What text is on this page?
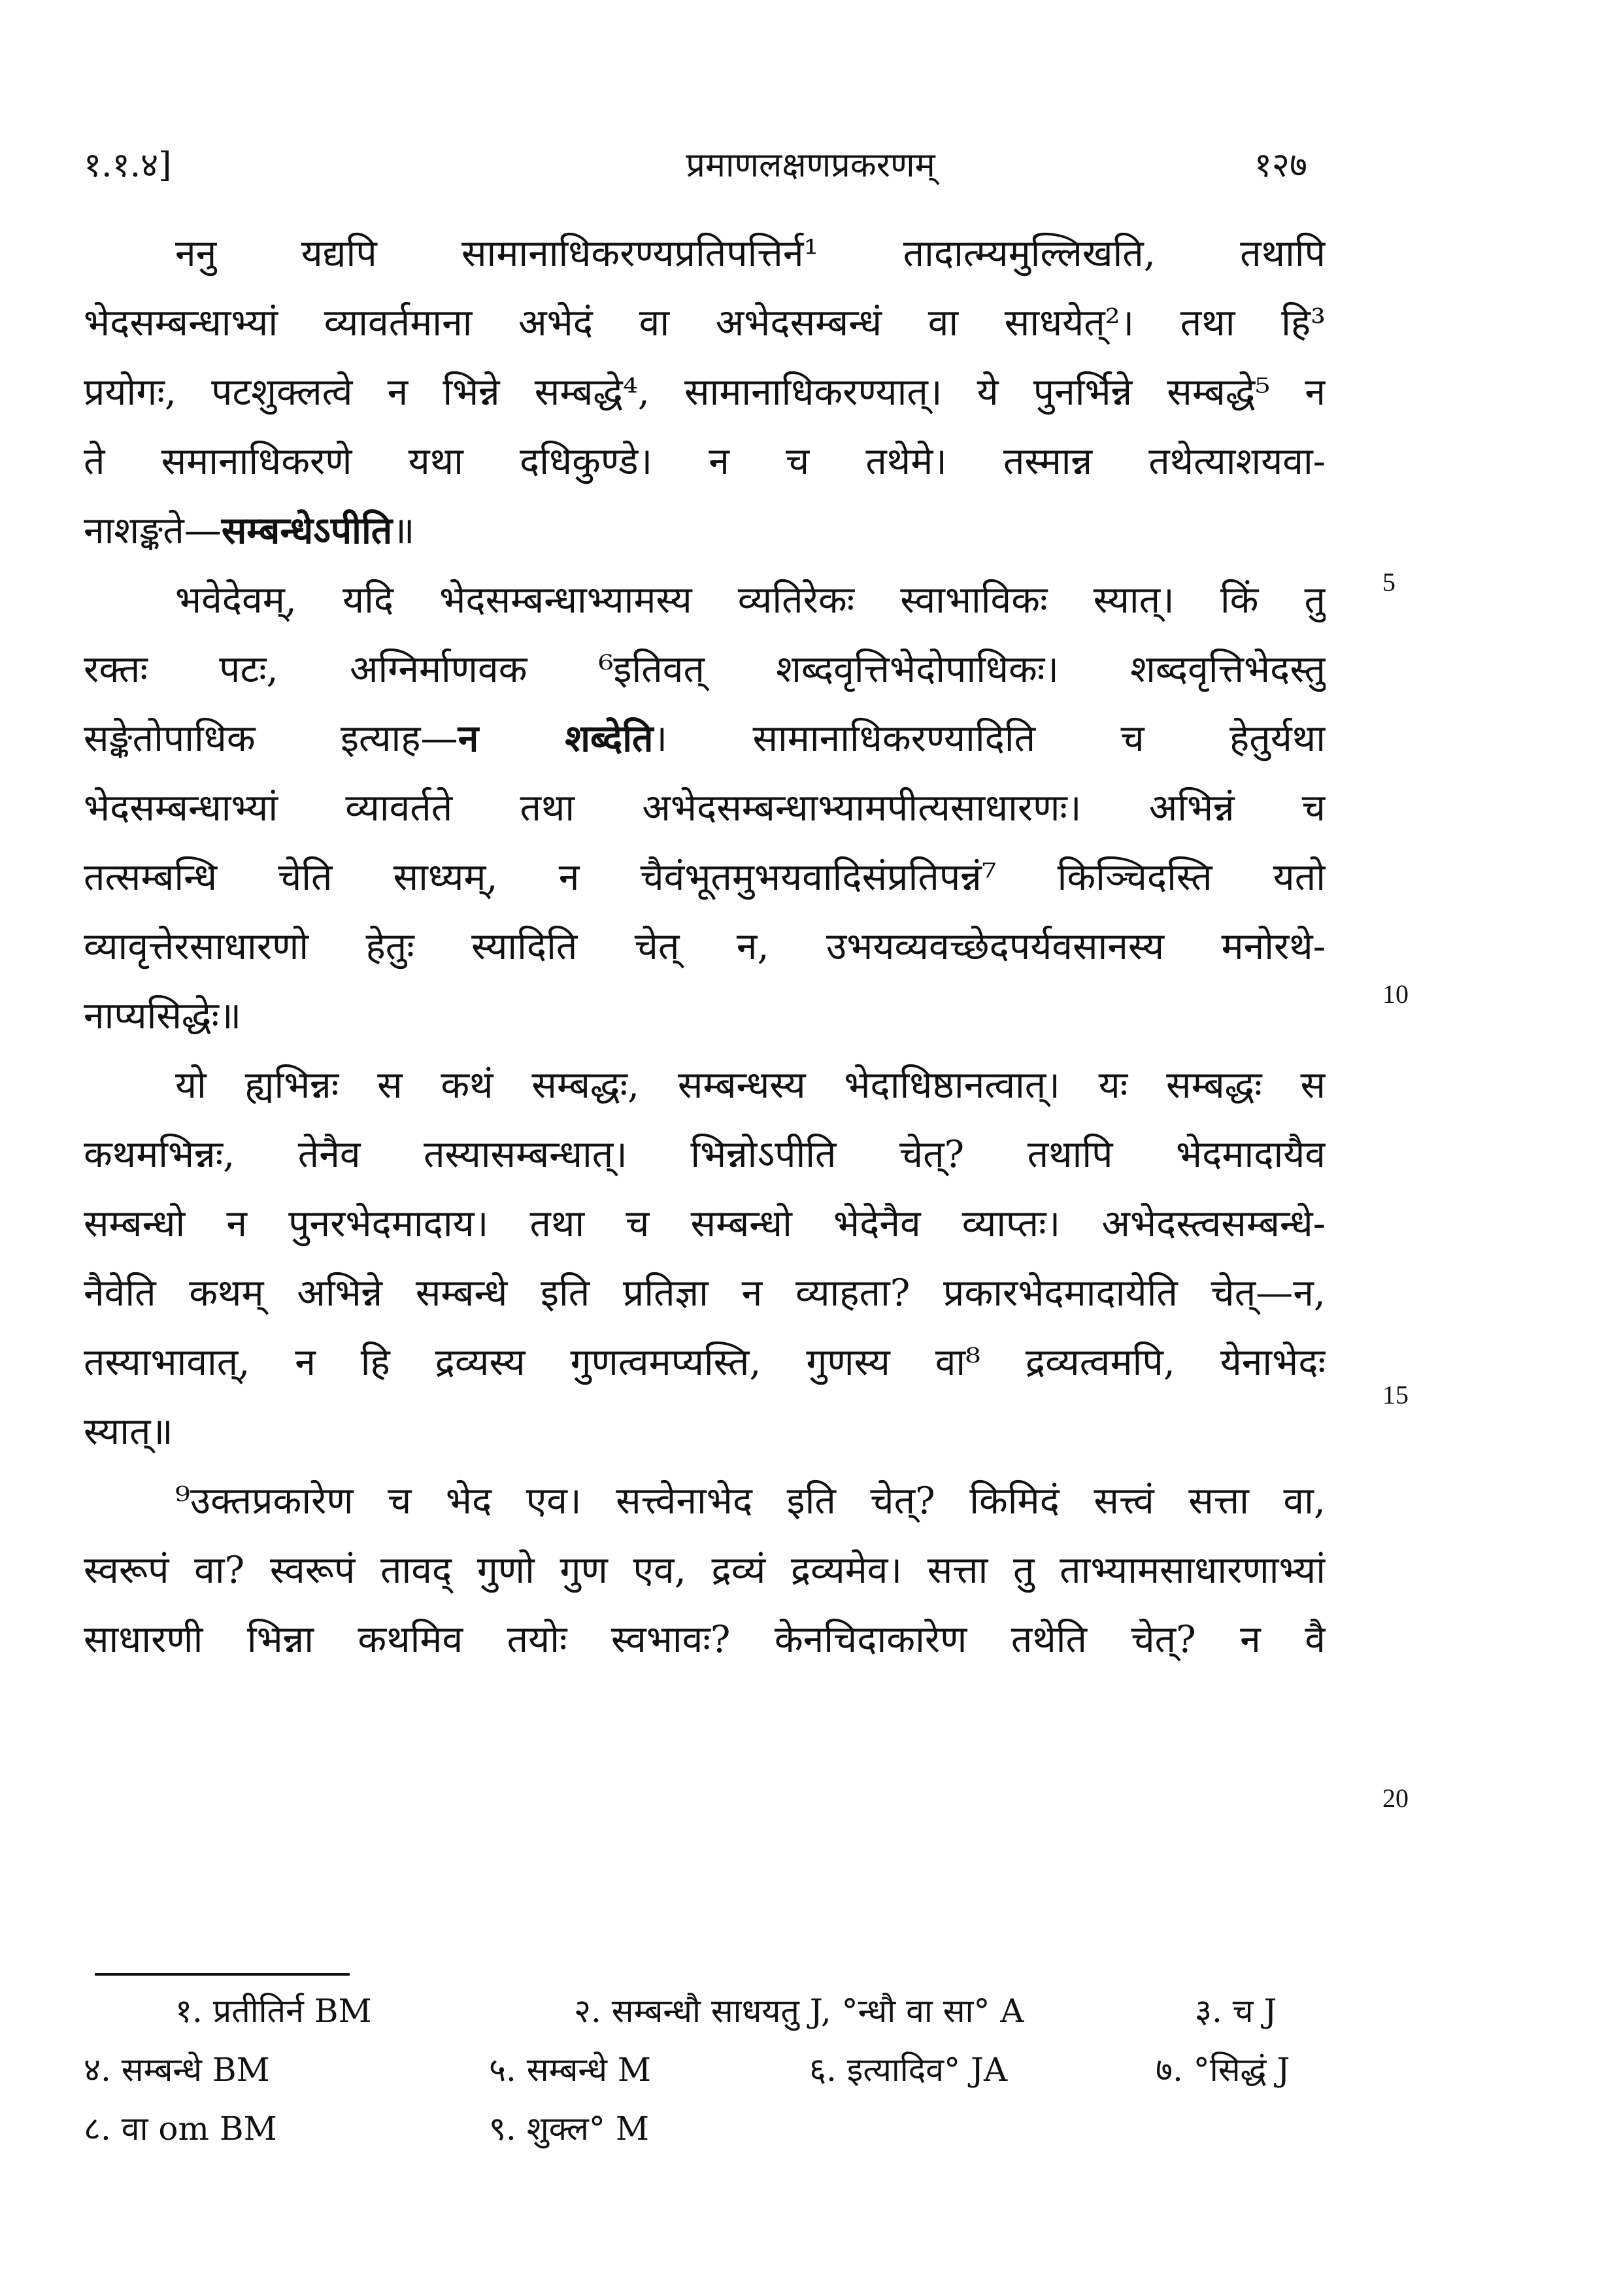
१.१.४]	प्रमाणलक्षणप्रकरणम्	१२७
ननु यद्यपि सामानाधिकरण्यप्रतिपत्तिर्न¹ तादात्म्यमुल्लिखति, तथापि
भेदसम्बन्धाभ्यां व्यावर्तमाना अभेदं वा अभेदसम्बन्धं वा साधयेत्²। तथा हि³
प्रयोगः, पटशुक्लत्वे न भिन्ने सम्बद्धे⁴, सामानाधिकरण्यात्। ये पुनर्भिन्ने सम्बद्धे⁵ न
ते समानाधिकरणे यथा दधिकुण्डे। न च तथेमे। तस्मान्न तथेत्याशयवा-
नाशङ्कते—सम्बन्धेऽपीति॥
भवेदेवम्, यदि भेदसम्बन्धाभ्यामस्य व्यतिरेकः स्वाभाविकः स्यात्। किं तु
रक्तः पटः, अग्निर्माणवक ⁶इतिवत् शब्दवृत्तिभेदोपाधिकः। शब्दवृत्तिभेदस्तु
सङ्केतोपाधिक इत्याह—न शब्देति। सामानाधिकरण्यादिति च हेतुर्यथा
भेदसम्बन्धाभ्यां व्यावर्तते तथा अभेदसम्बन्धाभ्यामपीत्यसाधारणः। अभिन्नं च
तत्सम्बन्धि चेति साध्यम्, न चैवंभूतमुभयवादिसंप्रतिपन्नं⁷ किञ्चिदस्ति यतो
व्यावृत्तेरसाधारणो हेतुः स्यादिति चेत् न, उभयव्यवच्छेदपर्यवसानस्य मनोरथे-
नाप्यसिद्धेः॥
यो ह्यभिन्नः स कथं सम्बद्धः, सम्बन्धस्य भेदाधिष्ठानत्वात्। यः सम्बद्धः स
कथमभिन्नः, तेनैव तस्यासम्बन्धात्। भिन्नोऽपीति चेत्? तथापि भेदमादायैव
सम्बन्धो न पुनरभेदमादाय। तथा च सम्बन्धो भेदेनैव व्याप्तः। अभेदस्त्वसम्बन्धे-
नैवेति कथम् अभिन्ने सम्बन्धे इति प्रतिज्ञा न व्याहता? प्रकारभेदमादायेति चेत्—न,
तस्याभावात्, न हि द्रव्यस्य गुणत्वमप्यस्ति, गुणस्य वा⁸ द्रव्यत्वमपि, येनाभेदः
स्यात्॥
⁹उक्तप्रकारेण च भेद एव। सत्त्वेनाभेद इति चेत्? किमिदं सत्त्वं सत्ता वा,
स्वरूपं वा? स्वरूपं तावद् गुणो गुण एव, द्रव्यं द्रव्यमेव। सत्ता तु ताभ्यामसाधारणाभ्यां
साधारणी भिन्ना कथमिव तयोः स्वभावः? केनचिदाकारेण तथेति चेत्? न वै
5
10
15
20
१. प्रतीतिर्न BM	२. सम्बन्धौ साधयतु J, °न्धौ वा सा° A	३. च J
४. सम्बन्धे BM	५. सम्बन्धे M	६. इत्यादिव° JA	७. °सिद्धं J
८. वा om BM	९. शुक्ल° M
